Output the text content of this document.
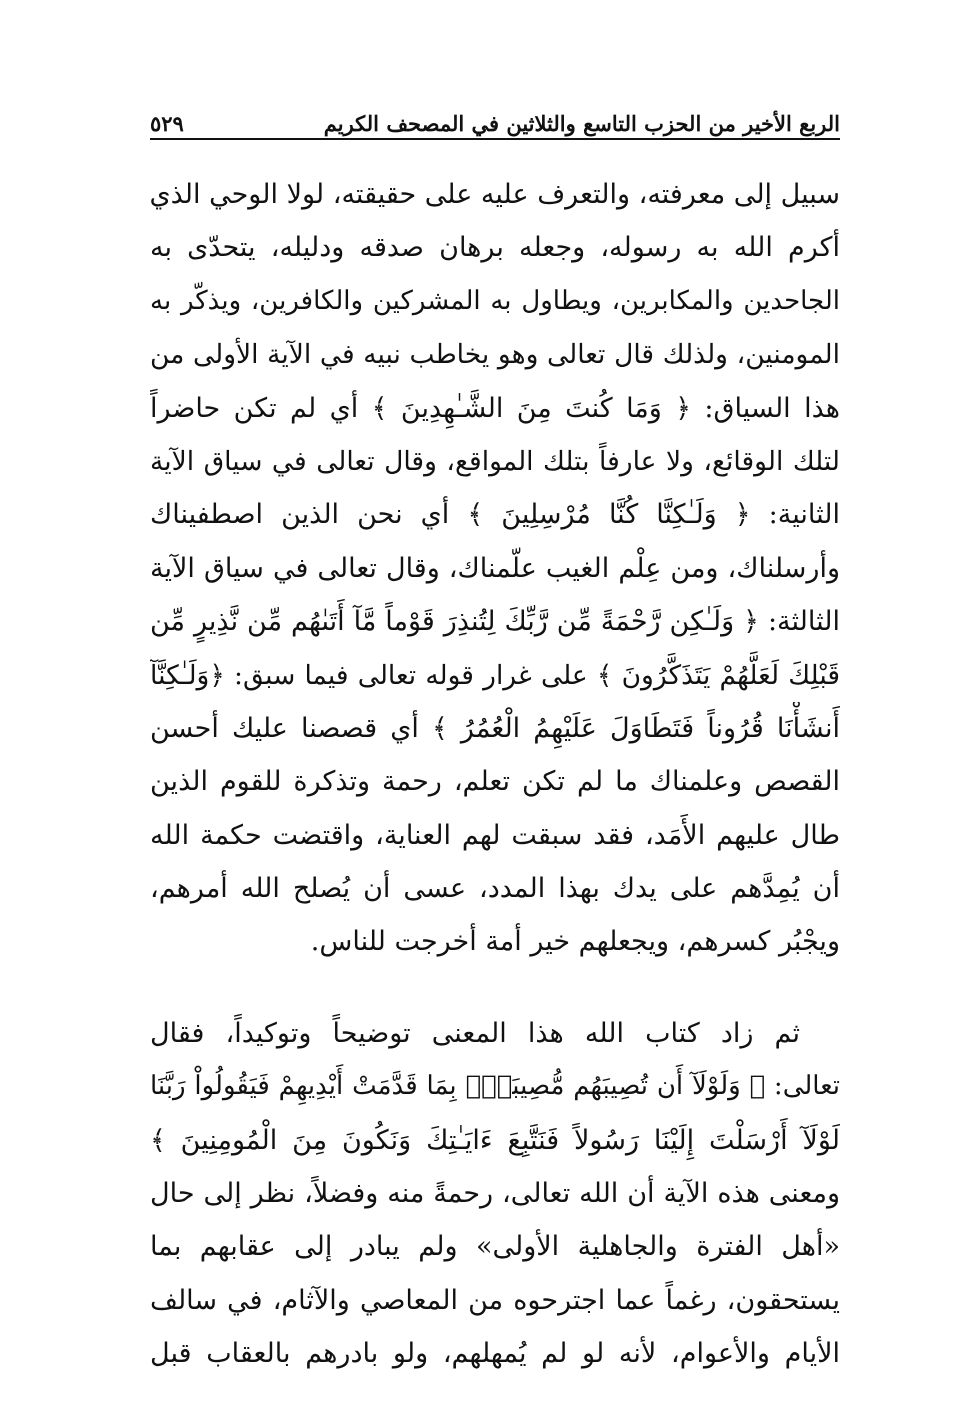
الربع الأخير من الحزب التاسع والثلاثين في المصحف الكريم
٥٢٩
سبيل إلى معرفته، والتعرف عليه على حقيقته، لولا الوحي الذي
أكرم الله به رسوله، وجعله برهان صدقه ودليله، يتحدّى به
الجاحدين والمكابرين، ويطاول به المشركين والكافرين، ويذكّر به
المومنين، ولذلك قال تعالى وهو يخاطب نبيه في الآية الأولى من
هذا السياق: ﴿ وَمَا كُنتَ مِنَ الشَّـٰهِدِينَ ﴾ أي لم تكن حاضراً
لتلك الوقائع، ولا عارفاً بتلك المواقع، وقال تعالى في سياق الآية
الثانية: ﴿ وَلَـٰكِنَّا كُنَّا مُرْسِلِينَ ﴾ أي نحن الذين اصطفيناك
وأرسلناك، ومن عِلْم الغيب علّمناك، وقال تعالى في سياق الآية
الثالثة: ﴿ وَلَـٰكِن رَّحْمَةً مِّن رَّبِّكَ لِتُنذِرَ قَوْماً مَّآ أَتَىٰهُم مِّن نَّذِيرٍ مِّن
قَبْلِكَ لَعَلَّهُمْ يَتَذَكَّرُونَ ﴾ على غرار قوله تعالى فيما سبق: ﴿وَلَـٰكِنَّآ
أَنشَأْنَا قُرُوناً فَتَطَاوَلَ عَلَيْهِمُ الْعُمُرُ ﴾ أي قصصنا عليك أحسن
القصص وعلمناك ما لم تكن تعلم، رحمة وتذكرة للقوم الذين
طال عليهم الأَمَد، فقد سبقت لهم العناية، واقتضت حكمة الله
أن يُمِدَّهم على يدك بهذا المدد، عسى أن يُصلح الله أمرهم،
ويجْبُر كسرهم، ويجعلهم خير أمة أخرجت للناس.
ثم زاد كتاب الله هذا المعنى توضيحاً وتوكيداً، فقال
تعالى: ﴿ وَلَوْلَآ أَن تُصِيبَهُم مُّصِيبَةٌۢ بِمَا قَدَّمَتْ أَيْدِيهِمْ فَيَقُولُواْ رَبَّنَا
لَوْلَآ أَرْسَلْتَ إِلَيْنَا رَسُولاً فَنَتَّبِعَ ءَايَـٰتِكَ وَنَكُونَ مِنَ الْمُومِنِينَ ﴾
ومعنى هذه الآية أن الله تعالى، رحمةً منه وفضلاً، نظر إلى حال
«أهل الفترة والجاهلية الأولى» ولم يبادر إلى عقابهم بما
يستحقون، رغماً عما اجترحوه من المعاصي والآثام، في سالف
الأيام والأعوام، لأنه لو لم يُمهلهم، ولو بادرهم بالعقاب قبل
